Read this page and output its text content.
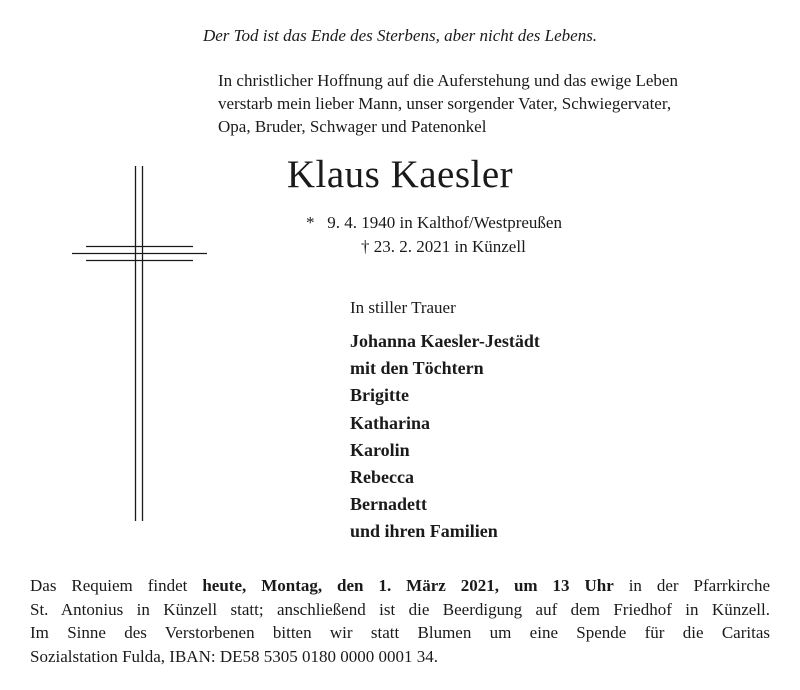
Der Tod ist das Ende des Sterbens, aber nicht des Lebens.
In christlicher Hoffnung auf die Auferstehung und das ewige Leben
verstarb mein lieber Mann, unser sorgender Vater, Schwiegervater,
Opa, Bruder, Schwager und Patenonkel
Klaus Kaesler
*   9. 4. 1940 in Kalthof/Westpreußen
† 23. 2. 2021 in Künzell
In stiller Trauer
Johanna Kaesler-Jestädt
mit den Töchtern
Brigitte
Katharina
Karolin
Rebecca
Bernadett
und ihren Familien
Das Requiem findet heute, Montag, den 1. März 2021, um 13 Uhr in der Pfarrkirche
St. Antonius in Künzell statt; anschließend ist die Beerdigung auf dem Friedhof in Künzell.
Im Sinne des Verstorbenen bitten wir statt Blumen um eine Spende für die Caritas
Sozialstation Fulda, IBAN: DE58 5305 0180 0000 0001 34.
